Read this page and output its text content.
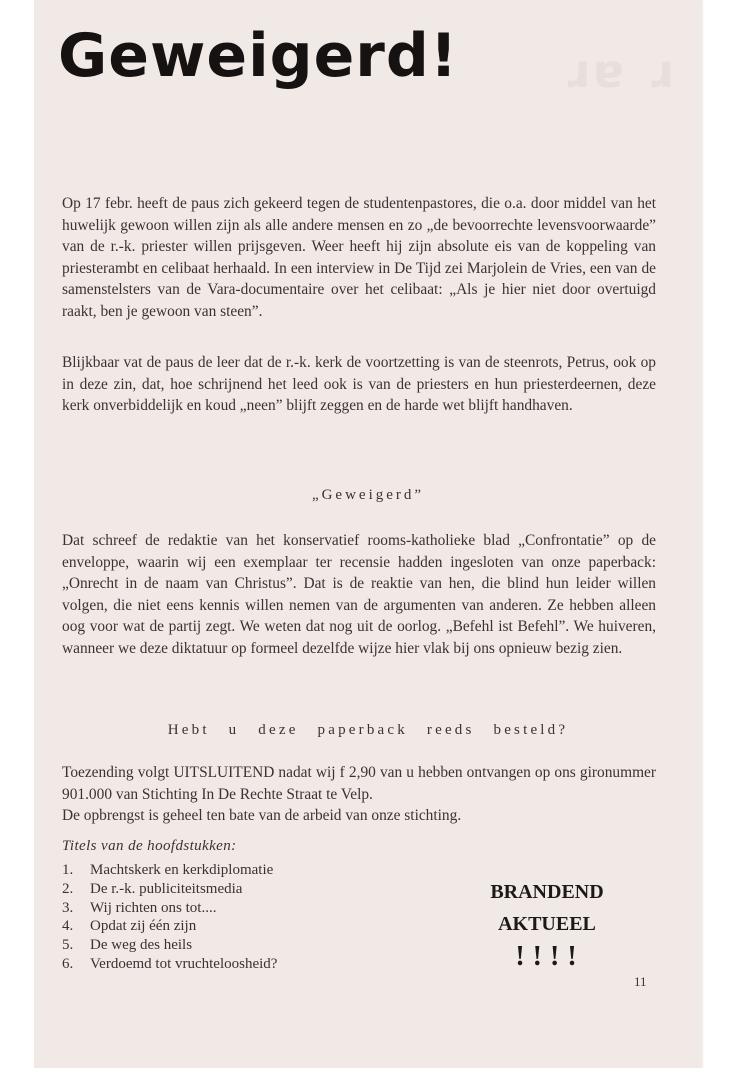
ɹɐ ɹ
Geweigerd!

Op 17 febr. heeft de paus zich gekeerd tegen de studentenpastores, die o.a. door middel van het huwelijk gewoon willen zijn als alle andere mensen en zo „de bevoorrechte levensvoorwaarde” van de r.-k. priester willen prijsgeven. Weer heeft hij zijn absolute eis van de koppeling van priesterambt en celibaat herhaald. In een interview in De Tijd zei Marjolein de Vries, een van de samenstelsters van de Vara-documentaire over het celibaat: „Als je hier niet door overtuigd raakt, ben je gewoon van steen”.

Blijkbaar vat de paus de leer dat de r.-k. kerk de voortzetting is van de steenrots, Petrus, ook op in deze zin, dat, hoe schrijnend het leed ook is van de priesters en hun priesterdeernen, deze kerk onverbiddelijk en koud „neen” blijft zeggen en de harde wet blijft handhaven.

„Geweigerd”

Dat schreef de redaktie van het konservatief rooms-katholieke blad „Confrontatie” op de enveloppe, waarin wij een exemplaar ter recensie hadden ingesloten van onze paperback: „Onrecht in de naam van Christus”. Dat is de reaktie van hen, die blind hun leider willen volgen, die niet eens kennis willen nemen van de argumenten van anderen. Ze hebben alleen oog voor wat de partij zegt. We weten dat nog uit de oorlog. „Befehl ist Befehl”. We huiveren, wanneer we deze diktatuur op formeel dezelfde wijze hier vlak bij ons opnieuw bezig zien.

Hebt u deze paperback reeds besteld?
Toezending volgt UITSLUITEND nadat wij f 2,90 van u hebben ontvangen op ons gironummer 901.000 van Stichting In De Rechte Straat te Velp.
De opbrengst is geheel ten bate van de arbeid van onze stichting.

Titels van de hoofdstukken:

1.	Machtskerk en kerkdiplomatie
2.	De r.-k. publiciteitsmedia
3.	Wij richten ons tot....
4.	Opdat zij één zijn
5.	De weg des heils
6.	Verdoemd tot vruchteloosheid?
BRANDEND
AKTUEEL
!!!!
11
